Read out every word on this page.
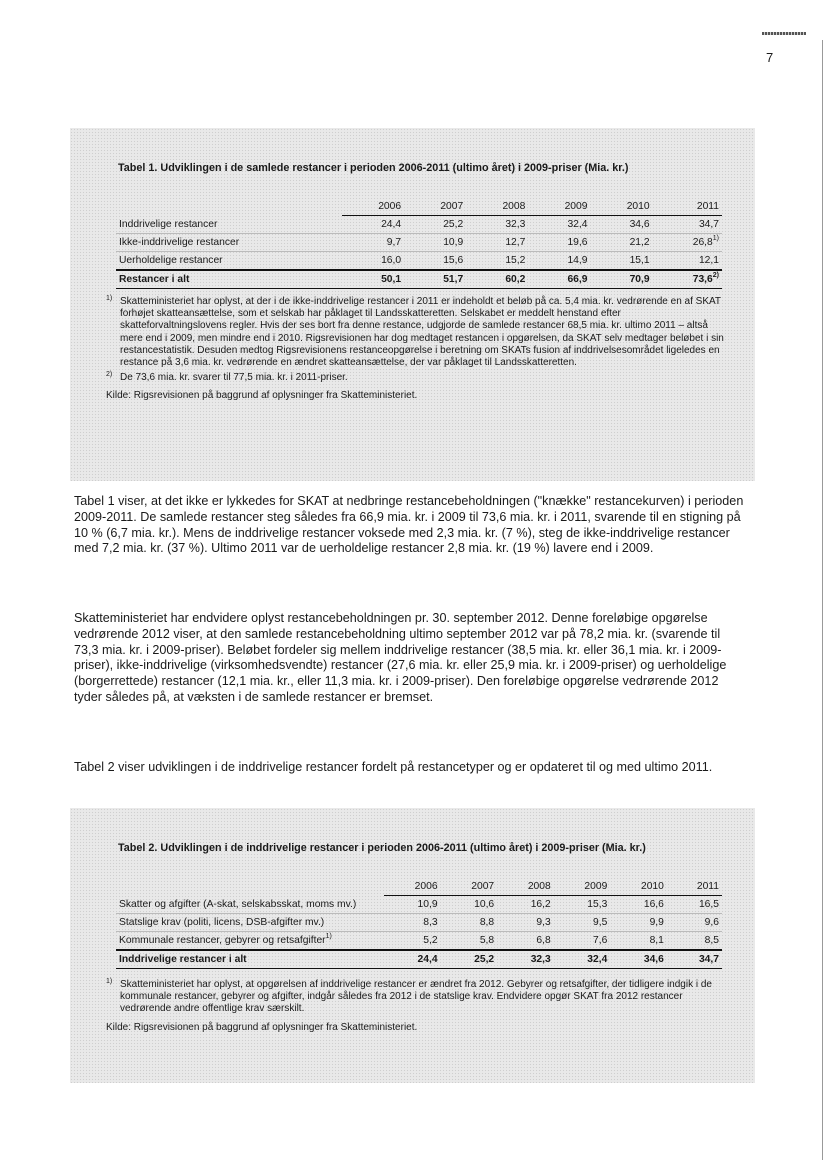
7
Tabel 1. Udviklingen i de samlede restancer i perioden 2006-2011 (ultimo året) i 2009-priser (Mia. kr.)
	2006	2007	2008	2009	2010	2011
Inddrivelige restancer	24,4	25,2	32,3	32,4	34,6	34,7
Ikke-inddrivelige restancer	9,7	10,9	12,7	19,6	21,2	26,8$^{1)}$
Uerholdelige restancer	16,0	15,6	15,2	14,9	15,1	12,1
Restancer i alt	50,1	51,7	60,2	66,9	70,9	73,6$^{2)}$
1) Skatteministeriet har oplyst, at der i de ikke-inddrivelige restancer i 2011 er indeholdt et beløb på ca. 5,4 mia. kr. vedrørende en af SKAT forhøjet skatteansættelse, som et selskab har påklaget til Landsskatteretten. Selskabet er meddelt henstand efter skatteforvaltningslovens regler. Hvis der ses bort fra denne restance, udgjorde de samlede restancer 68,5 mia. kr. ultimo 2011 – altså mere end i 2009, men mindre end i 2010. Rigsrevisionen har dog medtaget restancen i opgørelsen, da SKAT selv medtager beløbet i sin restancestatistik. Desuden medtog Rigsrevisionens restanceopgørelse i beretning om SKATs fusion af inddrivelsesområdet ligeledes en restance på 3,6 mia. kr. vedrørende en ændret skatteansættelse, der var påklaget til Landsskatteretten.
2) De 73,6 mia. kr. svarer til 77,5 mia. kr. i 2011-priser.
Kilde: Rigsrevisionen på baggrund af oplysninger fra Skatteministeriet.
Tabel 1 viser, at det ikke er lykkedes for SKAT at nedbringe restancebeholdningen ("knække" restancekurven) i perioden 2009-2011. De samlede restancer steg således fra 66,9 mia. kr. i 2009 til 73,6 mia. kr. i 2011, svarende til en stigning på 10 % (6,7 mia. kr.). Mens de inddrivelige restancer voksede med 2,3 mia. kr. (7 %), steg de ikke-inddrivelige restancer med 7,2 mia. kr. (37 %). Ultimo 2011 var de uerholdelige restancer 2,8 mia. kr. (19 %) lavere end i 2009.
Skatteministeriet har endvidere oplyst restancebeholdningen pr. 30. september 2012. Denne foreløbige opgørelse vedrørende 2012 viser, at den samlede restancebeholdning ultimo september 2012 var på 78,2 mia. kr. (svarende til 73,3 mia. kr. i 2009-priser). Beløbet fordeler sig mellem inddrivelige restancer (38,5 mia. kr. eller 36,1 mia. kr. i 2009-priser), ikke-inddrivelige (virksomhedsvendte) restancer (27,6 mia. kr. eller 25,9 mia. kr. i 2009-priser) og uerholdelige (borgerrettede) restancer (12,1 mia. kr., eller 11,3 mia. kr. i 2009-priser). Den foreløbige opgørelse vedrørende 2012 tyder således på, at væksten i de samlede restancer er bremset.
Tabel 2 viser udviklingen i de inddrivelige restancer fordelt på restancetyper og er opdateret til og med ultimo 2011.
Tabel 2. Udviklingen i de inddrivelige restancer i perioden 2006-2011 (ultimo året) i 2009-priser (Mia. kr.)
	2006	2007	2008	2009	2010	2011
Skatter og afgifter (A-skat, selskabsskat, moms mv.)	10,9	10,6	16,2	15,3	16,6	16,5
Statslige krav (politi, licens, DSB-afgifter mv.)	8,3	8,8	9,3	9,5	9,9	9,6
Kommunale restancer, gebyrer og retsafgifter$^{1)}$	5,2	5,8	6,8	7,6	8,1	8,5
Inddrivelige restancer i alt	24,4	25,2	32,3	32,4	34,6	34,7
1) Skatteministeriet har oplyst, at opgørelsen af inddrivelige restancer er ændret fra 2012. Gebyrer og retsafgifter, der tidligere indgik i de kommunale restancer, gebyrer og afgifter, indgår således fra 2012 i de statslige krav. Endvidere opgør SKAT fra 2012 restancer vedrørende andre offentlige krav særskilt.
Kilde: Rigsrevisionen på baggrund af oplysninger fra Skatteministeriet.
